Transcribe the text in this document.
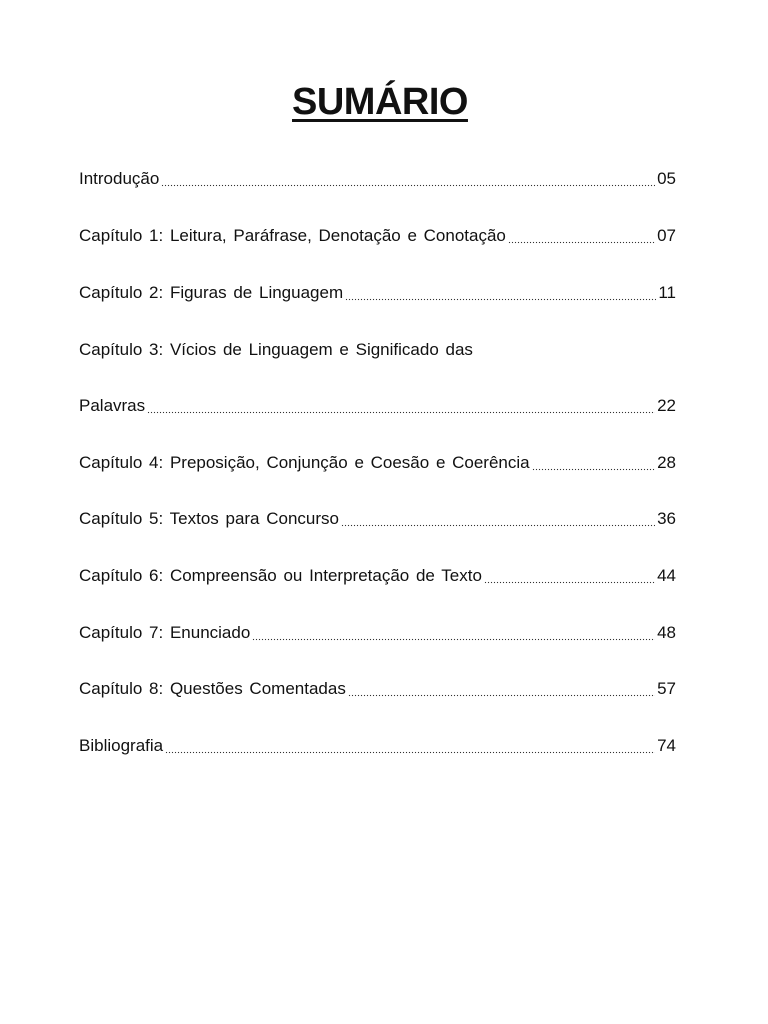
SUMÁRIO
Introdução	05
Capítulo 1: Leitura, Paráfrase, Denotação e Conotação	07
Capítulo 2: Figuras de Linguagem	11
Capítulo 3: Vícios de Linguagem e Significado das
Palavras	22
Capítulo 4: Preposição, Conjunção e Coesão e Coerência	28
Capítulo 5: Textos para Concurso	36
Capítulo 6: Compreensão ou Interpretação de Texto	44
Capítulo 7: Enunciado	48
Capítulo 8: Questões Comentadas	57
Bibliografia	74
